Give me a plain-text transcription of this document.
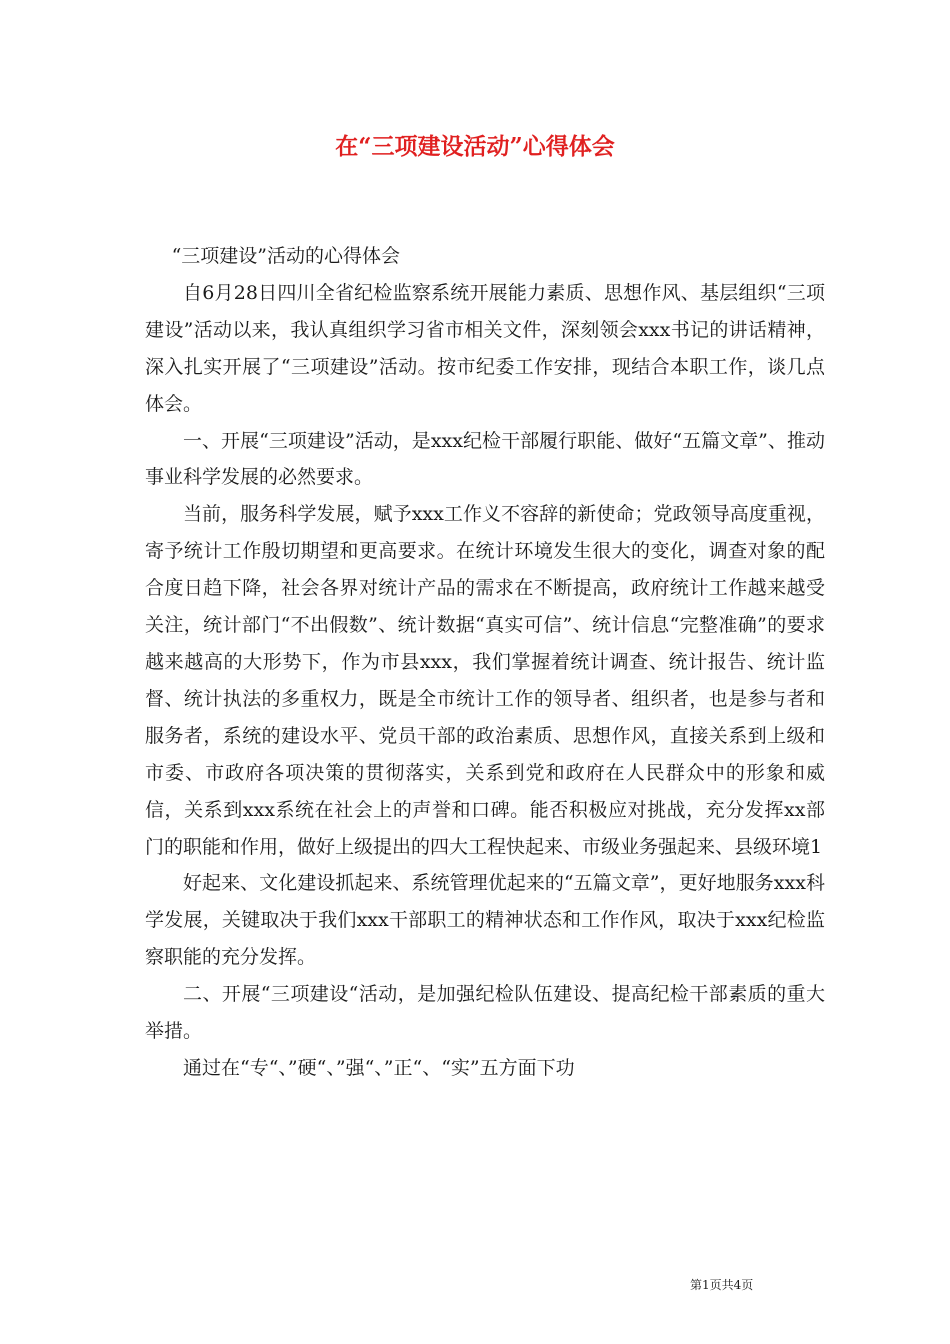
在“三项建设活动”心得体会

“三项建设”活动的心得体会

自6月28日四川全省纪检监察系统开展能力素质、思想作风、基层组织“三项建设”活动以来，我认真组织学习省市相关文件，深刻领会xxx书记的讲话精神，深入扎实开展了“三项建设”活动。按市纪委工作安排，现结合本职工作，谈几点体会。

一、开展“三项建设”活动，是xxx纪检干部履行职能、做好“五篇文章”、推动事业科学发展的必然要求。

当前，服务科学发展，赋予xxx工作义不容辞的新使命；党政领导高度重视，寄予统计工作殷切期望和更高要求。在统计环境发生很大的变化，调查对象的配合度日趋下降，社会各界对统计产品的需求在不断提高，政府统计工作越来越受关注，统计部门“不出假数”、统计数据“真实可信”、统计信息“完整准确”的要求越来越高的大形势下，作为市县xxx，我们掌握着统计调查、统计报告、统计监督、统计执法的多重权力，既是全市统计工作的领导者、组织者，也是参与者和服务者，系统的建设水平、党员干部的政治素质、思想作风，直接关系到上级和市委、市政府各项决策的贯彻落实，关系到党和政府在人民群众中的形象和威信，关系到xxx系统在社会上的声誉和口碑。能否积极应对挑战，充分发挥xx部门的职能和作用，做好上级提出的四大工程快起来、市级业务强起来、县级环境1

好起来、文化建设抓起来、系统管理优起来的“五篇文章”，更好地服务xxx科学发展，关键取决于我们xxx干部职工的精神状态和工作作风，取决于xxx纪检监察职能的充分发挥。

二、开展“三项建设“活动，是加强纪检队伍建设、提高纪检干部素质的重大举措。

通过在“专“、”硬“、”强“、”正“、“实”五方面下功

第1页共4页
